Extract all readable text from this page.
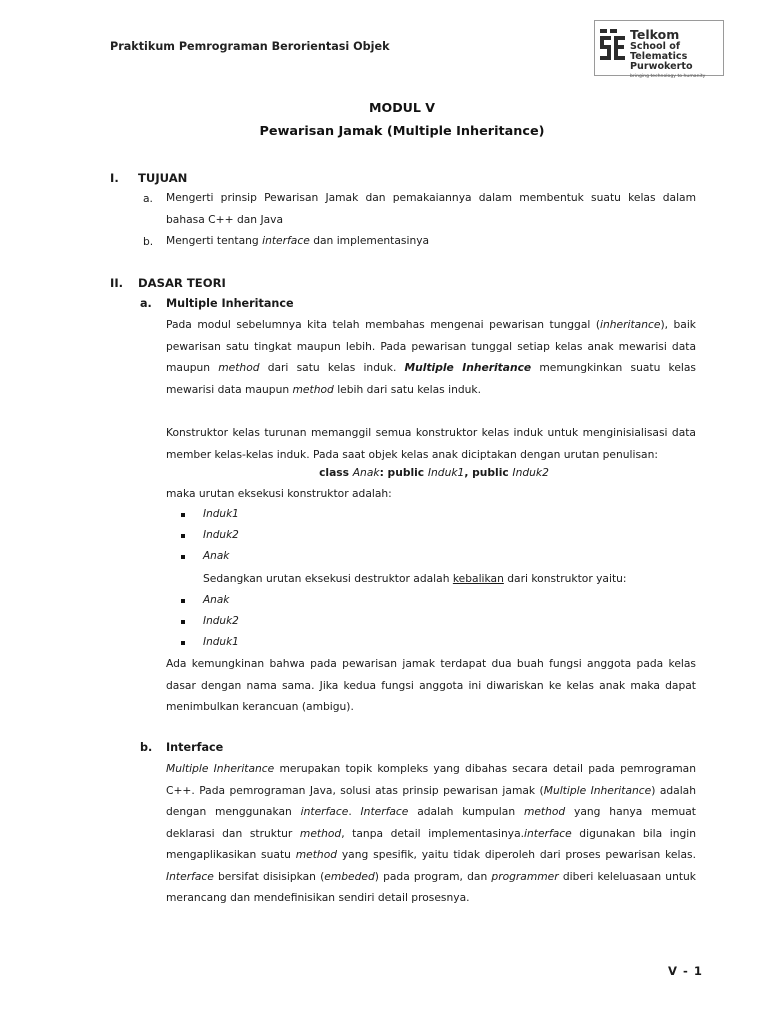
Praktikum Pemrograman Berorientasi Objek
Telkom
School of Telematics
Purwokerto
bringing technology to humanity
MODUL V
Pewarisan Jamak (Multiple Inheritance)
I. TUJUAN
a. Mengerti prinsip Pewarisan Jamak dan pemakaiannya dalam membentuk suatu kelas dalam bahasa C++ dan Java
b. Mengerti tentang interface dan implementasinya
II. DASAR TEORI
a. Multiple Inheritance
Pada modul sebelumnya kita telah membahas mengenai pewarisan tunggal (inheritance), baik pewarisan satu tingkat maupun lebih. Pada pewarisan tunggal setiap kelas anak mewarisi data maupun method dari satu kelas induk. Multiple Inheritance memungkinkan suatu kelas mewarisi data maupun method lebih dari satu kelas induk.
Konstruktor kelas turunan memanggil semua konstruktor kelas induk untuk menginisialisasi data member kelas-kelas induk. Pada saat objek kelas anak diciptakan dengan urutan penulisan:
class Anak: public Induk1, public Induk2
maka urutan eksekusi konstruktor adalah:
Induk1
Induk2
Anak
Sedangkan urutan eksekusi destruktor adalah kebalikan dari konstruktor yaitu:
Anak
Induk2
Induk1
Ada kemungkinan bahwa pada pewarisan jamak terdapat dua buah fungsi anggota pada kelas dasar dengan nama sama. Jika kedua fungsi anggota ini diwariskan ke kelas anak maka dapat menimbulkan kerancuan (ambigu).
b. Interface
Multiple Inheritance merupakan topik kompleks yang dibahas secara detail pada pemrograman C++. Pada pemrograman Java, solusi atas prinsip pewarisan jamak (Multiple Inheritance) adalah dengan menggunakan interface. Interface adalah kumpulan method yang hanya memuat deklarasi dan struktur method, tanpa detail implementasinya.interface digunakan bila ingin mengaplikasikan suatu method yang spesifik, yaitu tidak diperoleh dari proses pewarisan kelas. Interface bersifat disisipkan (embeded) pada program, dan programmer diberi keleluasaan untuk merancang dan mendefinisikan sendiri detail prosesnya.
V - 1
